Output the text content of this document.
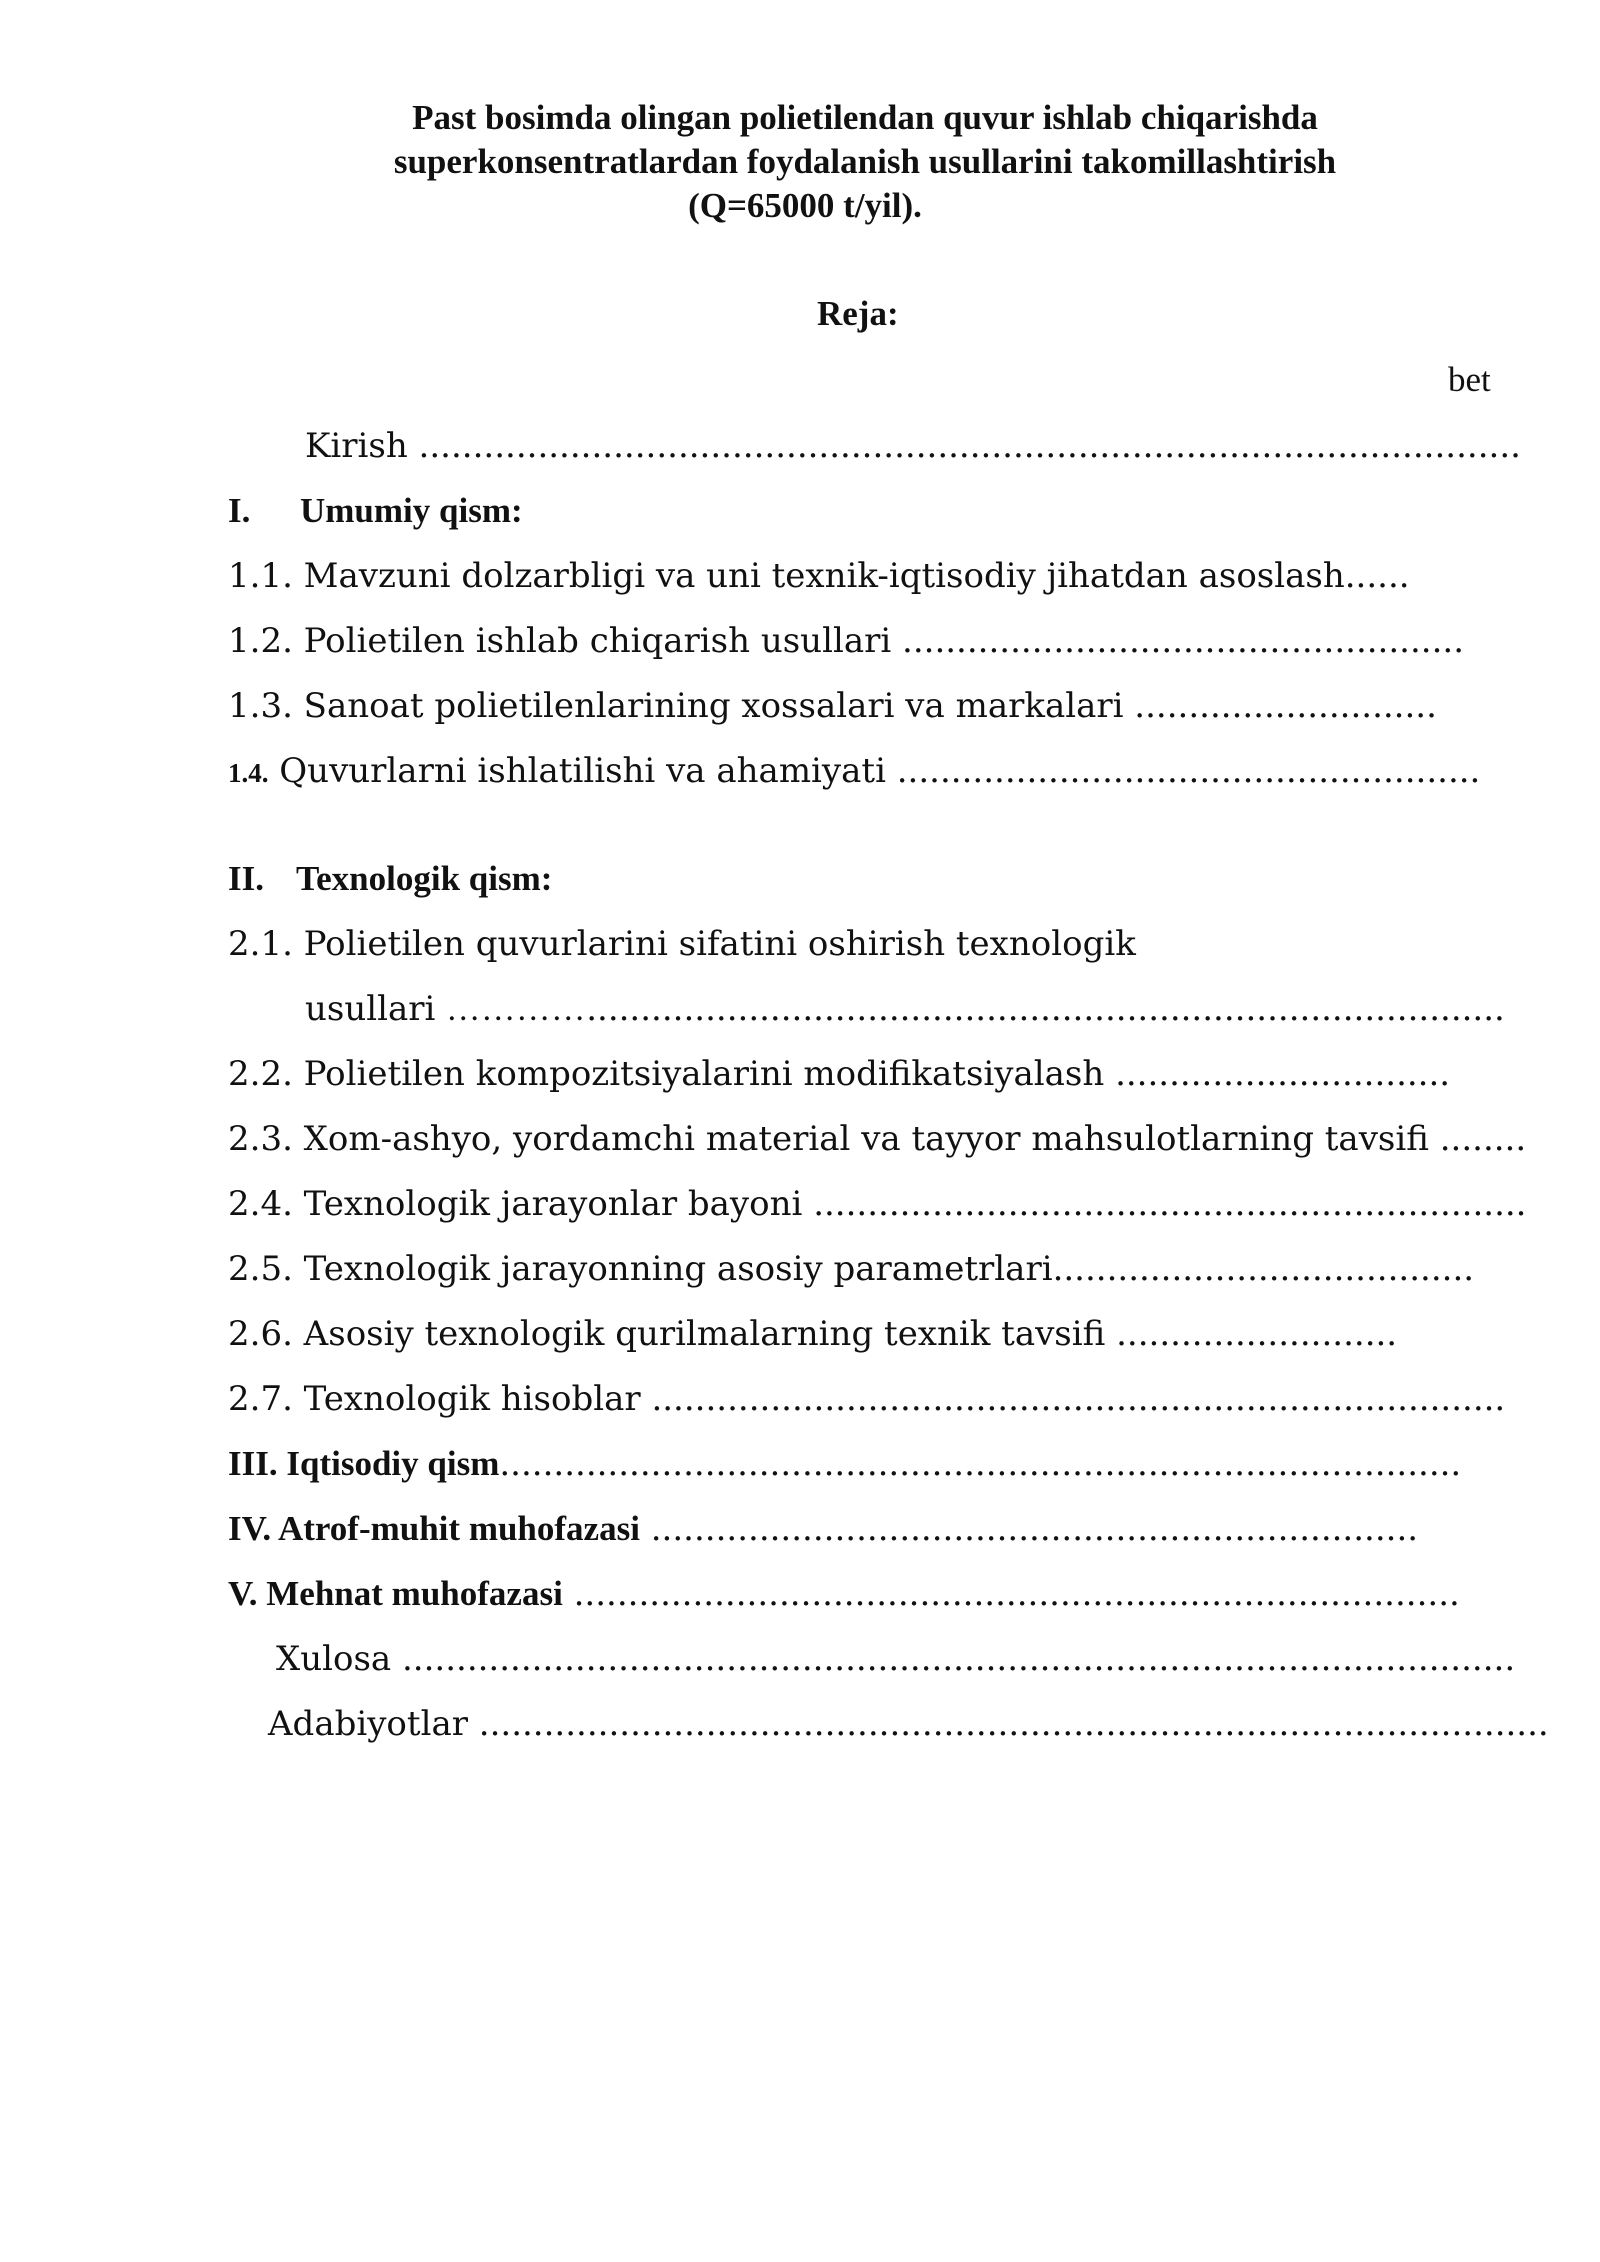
Past bosimda olingan polietilendan quvur ishlab chiqarishda
superkonsentratlardan foydalanish usullarini takomillashtirish
(Q=65000 t/yil).
Reja:
bet
Kirish ......................................................................................................
I. Umumiy qism:
1.1. Mavzuni dolzarbligi va uni texnik-iqtisodiy jihatdan asoslash......
1.2. Polietilen ishlab chiqarish usullari ....................................................
1.3. Sanoat polietilenlarining xossalari va markalari ............................
1.4. Quvurlarni ishlatilishi va ahamiyati ......................................................
II. Texnologik qism:
2.1. Polietilen quvurlarini sifatini oshirish texnologik
usullari ………….....................................................................................
2.2. Polietilen kompozitsiyalarini modifikatsiyalash ...............................
2.3. Xom-ashyo, yordamchi material va tayyor mahsulotlarning tavsifi ........
2.4. Texnologik jarayonlar bayoni ..................................................................
2.5. Texnologik jarayonning asosiy parametrlari.......................................
2.6. Asosiy texnologik qurilmalarning texnik tavsifi ..........................
2.7. Texnologik hisoblar ...............................................................................
III. Iqtisodiy qism.........................................................................................
IV. Atrof-muhit muhofazasi .......................................................................
V. Mehnat muhofazasi ..................................................................................
Xulosa .......................................................................................................
Adabiyotlar ...................................................................................................
